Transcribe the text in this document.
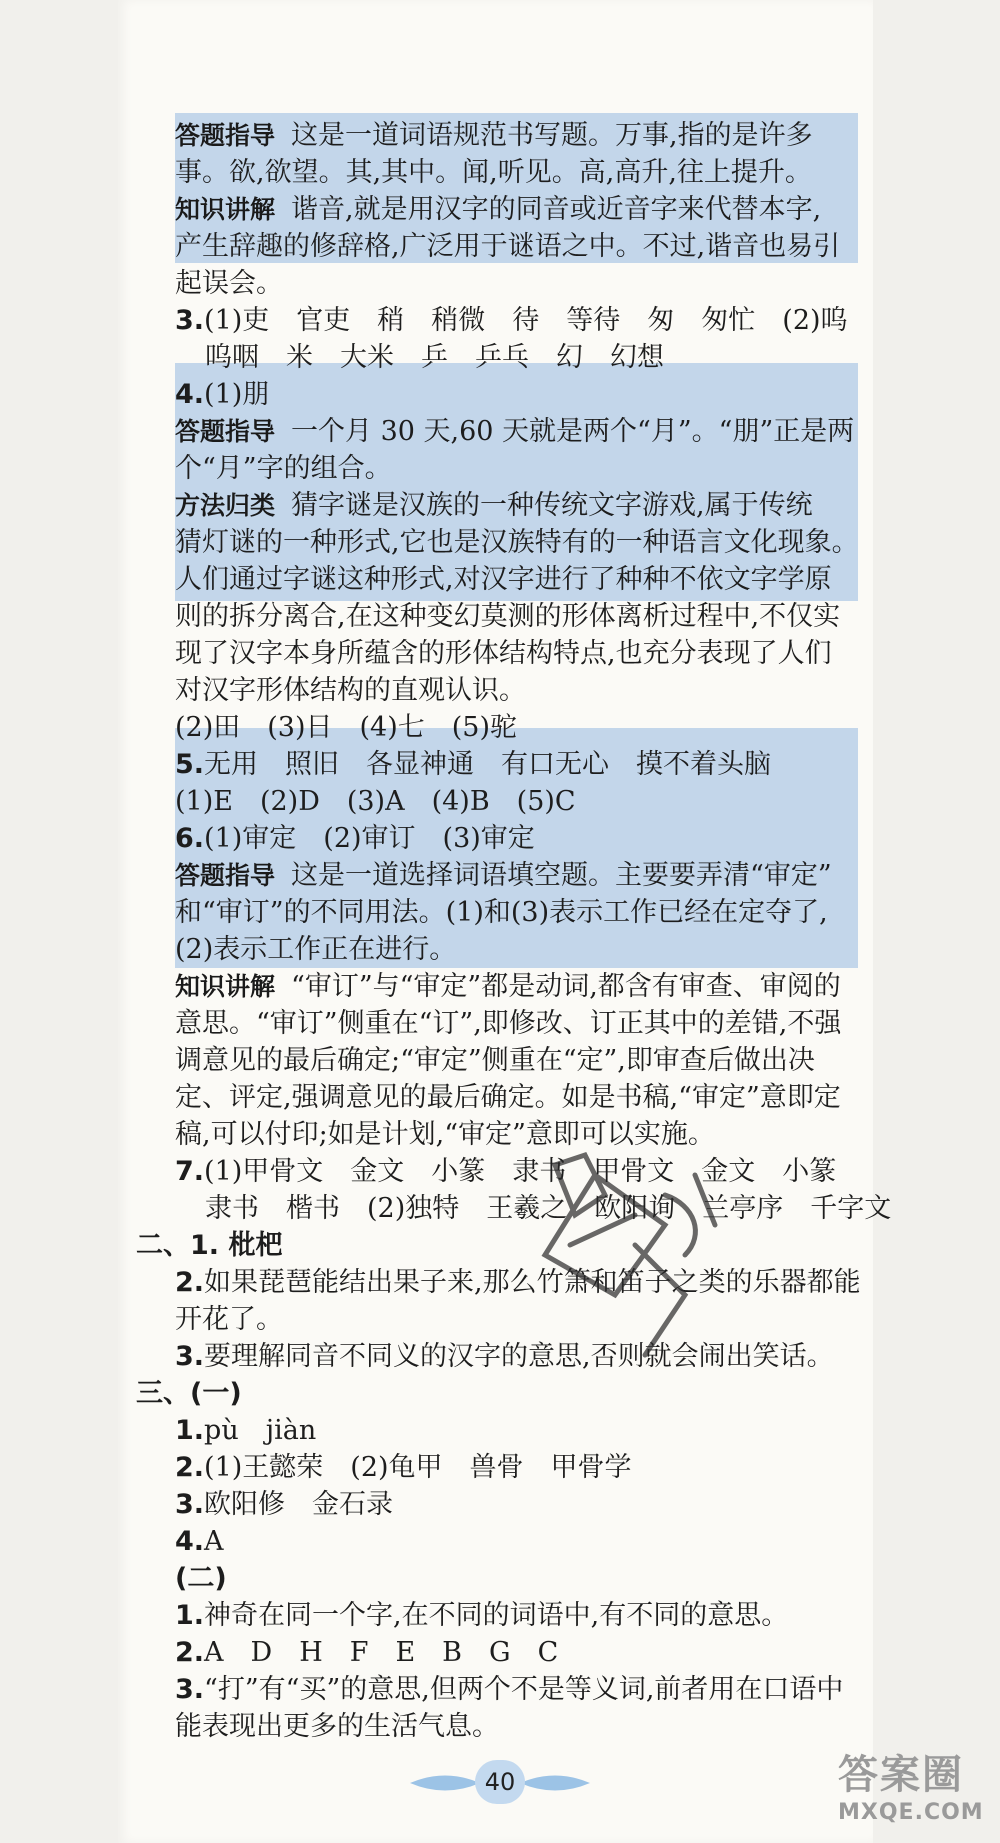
答题指导 这是一道词语规范书写题。万事,指的是许多
事。欲,欲望。其,其中。闻,听见。高,高升,往上提升。
知识讲解 谐音,就是用汉字的同音或近音字来代替本字,
产生辞趣的修辞格,广泛用于谜语之中。不过,谐音也易引
起误会。
3.(1)吏　官吏　稍　稍微　待　等待　匆　匆忙　(2)呜
呜咽　米　大米　乒　乒乓　幻　幻想
4.(1)朋
答题指导 一个月 30 天,60 天就是两个“月”。“朋”正是两
个“月”字的组合。
方法归类 猜字谜是汉族的一种传统文字游戏,属于传统
猜灯谜的一种形式,它也是汉族特有的一种语言文化现象。
人们通过字谜这种形式,对汉字进行了种种不依文字学原
则的拆分离合,在这种变幻莫测的形体离析过程中,不仅实
现了汉字本身所蕴含的形体结构特点,也充分表现了人们
对汉字形体结构的直观认识。
(2)田　(3)日　(4)七　(5)驼
5.无用　照旧　各显神通　有口无心　摸不着头脑
(1)E　(2)D　(3)A　(4)B　(5)C
6.(1)审定　(2)审订　(3)审定
答题指导 这是一道选择词语填空题。主要要弄清“审定”
和“审订”的不同用法。(1)和(3)表示工作已经在定夺了,
(2)表示工作正在进行。
知识讲解 “审订”与“审定”都是动词,都含有审查、审阅的
意思。“审订”侧重在“订”,即修改、订正其中的差错,不强
调意见的最后确定;“审定”侧重在“定”,即审查后做出决
定、评定,强调意见的最后确定。如是书稿,“审定”意即定
稿,可以付印;如是计划,“审定”意即可以实施。
7.(1)甲骨文　金文　小篆　隶书　甲骨文　金文　小篆
隶书　楷书　(2)独特　王羲之　欧阳询　兰亭序　千字文
二、1. 枇杷
2.如果琵琶能结出果子来,那么竹箫和笛子之类的乐器都能
开花了。
3.要理解同音不同义的汉字的意思,否则就会闹出笑话。
三、(一)
1.pù　jiàn
2.(1)王懿荣　(2)龟甲　兽骨　甲骨学
3.欧阳修　金石录
4.A
(二)
1.神奇在同一个字,在不同的词语中,有不同的意思。
2.A　D　H　F　E　B　G　C
3.“打”有“买”的意思,但两个不是等义词,前者用在口语中
能表现出更多的生活气息。
40	答案圈
MXQE.COM
